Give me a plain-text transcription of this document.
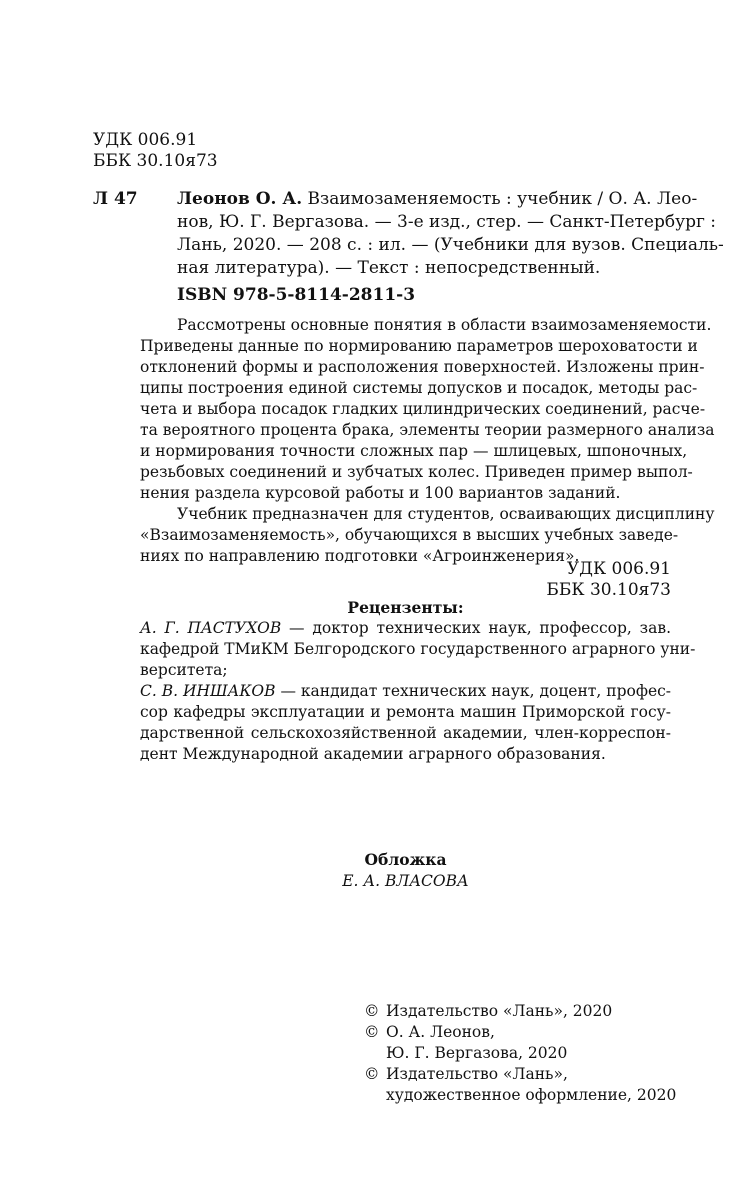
УДК 006.91
ББК 30.10я73
Л 47 Леонов О. А. Взаимозаменяемость : учебник / О. А. Лео-
нов, Ю. Г. Вергазова. — 3-е изд., стер. — Санкт-Петербург :
Лань, 2020. — 208 с. : ил. — (Учебники для вузов. Специаль-
ная литература). — Текст : непосредственный.
ISBN 978-5-8114-2811-3
Рассмотрены основные понятия в области взаимозаменяемости.
Приведены данные по нормированию параметров шероховатости и
отклонений формы и расположения поверхностей. Изложены прин-
ципы построения единой системы допусков и посадок, методы рас-
чета и выбора посадок гладких цилиндрических соединений, расче-
та вероятного процента брака, элементы теории размерного анализа
и нормирования точности сложных пар — шлицевых, шпоночных,
резьбовых соединений и зубчатых колес. Приведен пример выпол-
нения раздела курсовой работы и 100 вариантов заданий.
Учебник предназначен для студентов, осваивающих дисциплину
«Взаимозаменяемость», обучающихся в высших учебных заведе-
ниях по направлению подготовки «Агроинженерия».
УДК 006.91
ББК 30.10я73
Рецензенты:
А. Г. ПАСТУХОВ — доктор технических наук, профессор, зав.
кафедрой ТМиКМ Белгородского государственного аграрного уни-
верситета;
С. В. ИНШАКОВ — кандидат технических наук, доцент, профес-
сор кафедры эксплуатации и ремонта машин Приморской госу-
дарственной сельскохозяйственной академии, член-корреспон-
дент Международной академии аграрного образования.
Обложка
Е. А. ВЛАСОВА
© Издательство «Лань», 2020
© О. А. Леонов,
Ю. Г. Вергазова, 2020
© Издательство «Лань»,
художественное оформление, 2020
